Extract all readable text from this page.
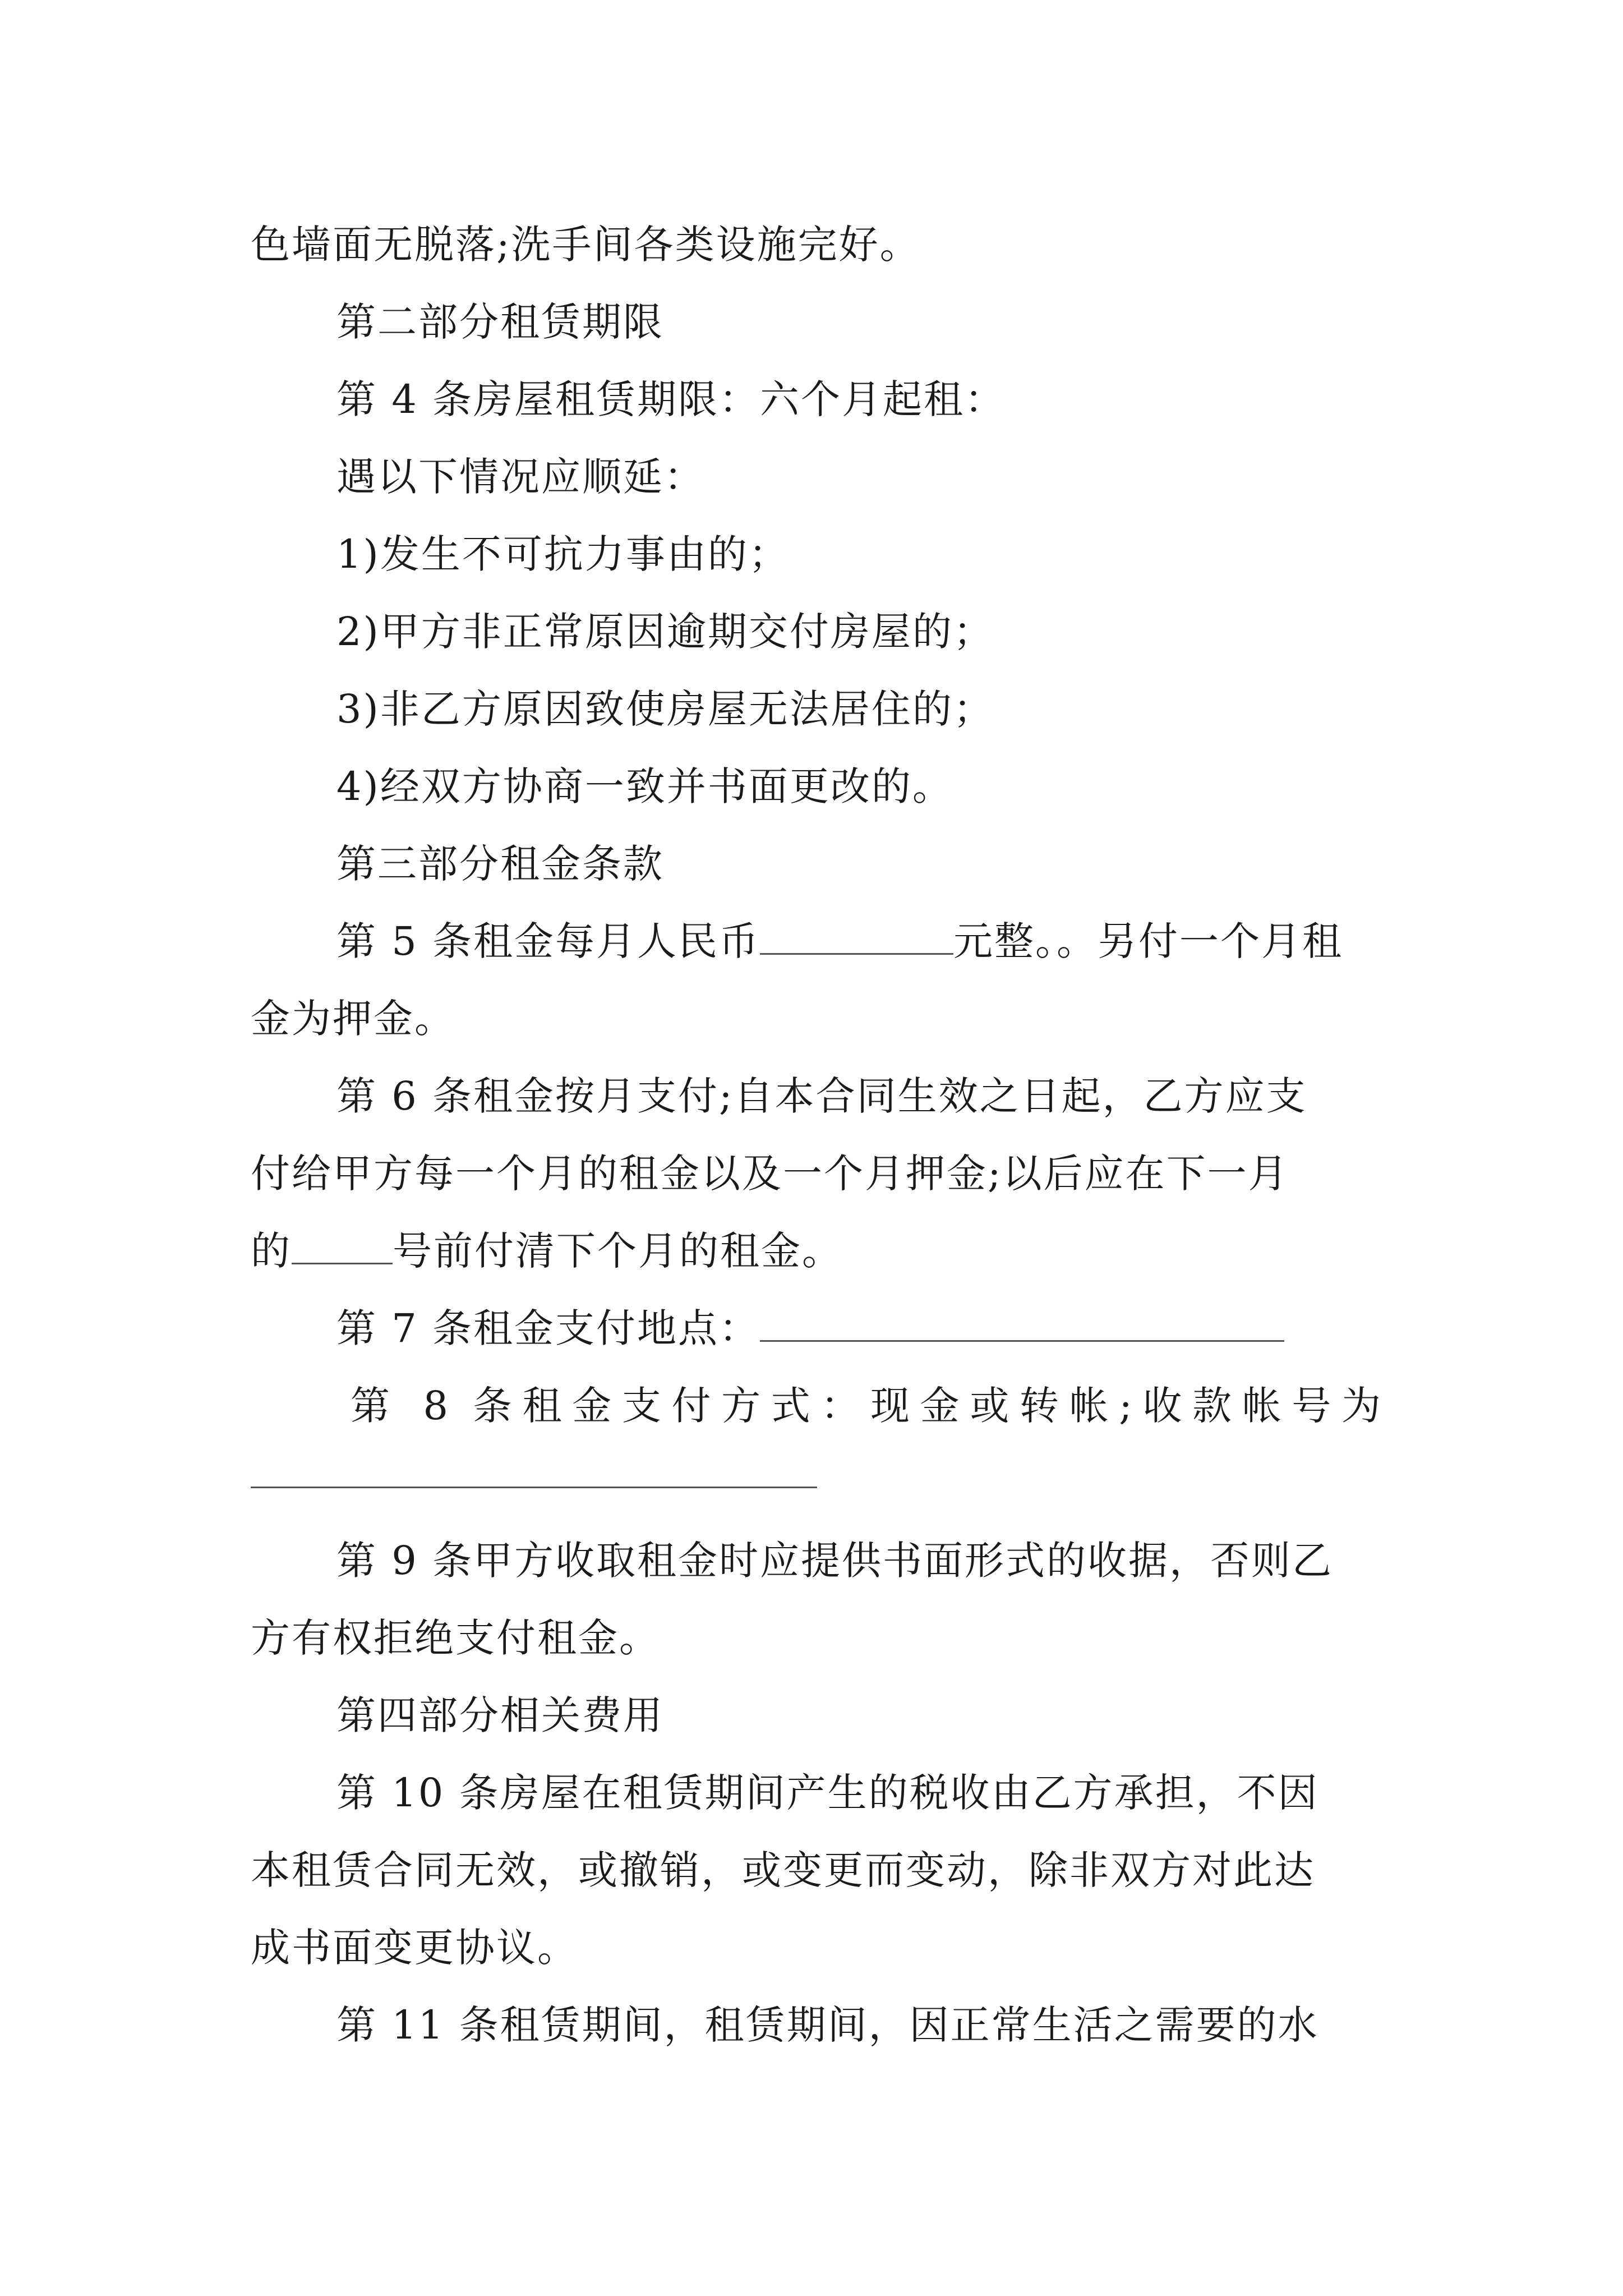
色墙面无脱落;洗手间各类设施完好。
第二部分租赁期限
第 4 条房屋租赁期限：六个月起租：
遇以下情况应顺延：
1)发生不可抗力事由的；
2)甲方非正常原因逾期交付房屋的；
3)非乙方原因致使房屋无法居住的；
4)经双方协商一致并书面更改的。
第三部分租金条款
第 5 条租金每月人民币	元整。。另付一个月租
金为押金。
第 6 条租金按月支付;自本合同生效之日起，乙方应支
付给甲方每一个月的租金以及一个月押金;以后应在下一月
的	号前付清下个月的租金。
第 7 条租金支付地点：
第 8 条租金支付方式：现金或转帐;收款帐号为
第 9 条甲方收取租金时应提供书面形式的收据，否则乙
方有权拒绝支付租金。
第四部分相关费用
第 10 条房屋在租赁期间产生的税收由乙方承担，不因
本租赁合同无效，或撤销，或变更而变动，除非双方对此达
成书面变更协议。
第 11 条租赁期间，租赁期间，因正常生活之需要的水
